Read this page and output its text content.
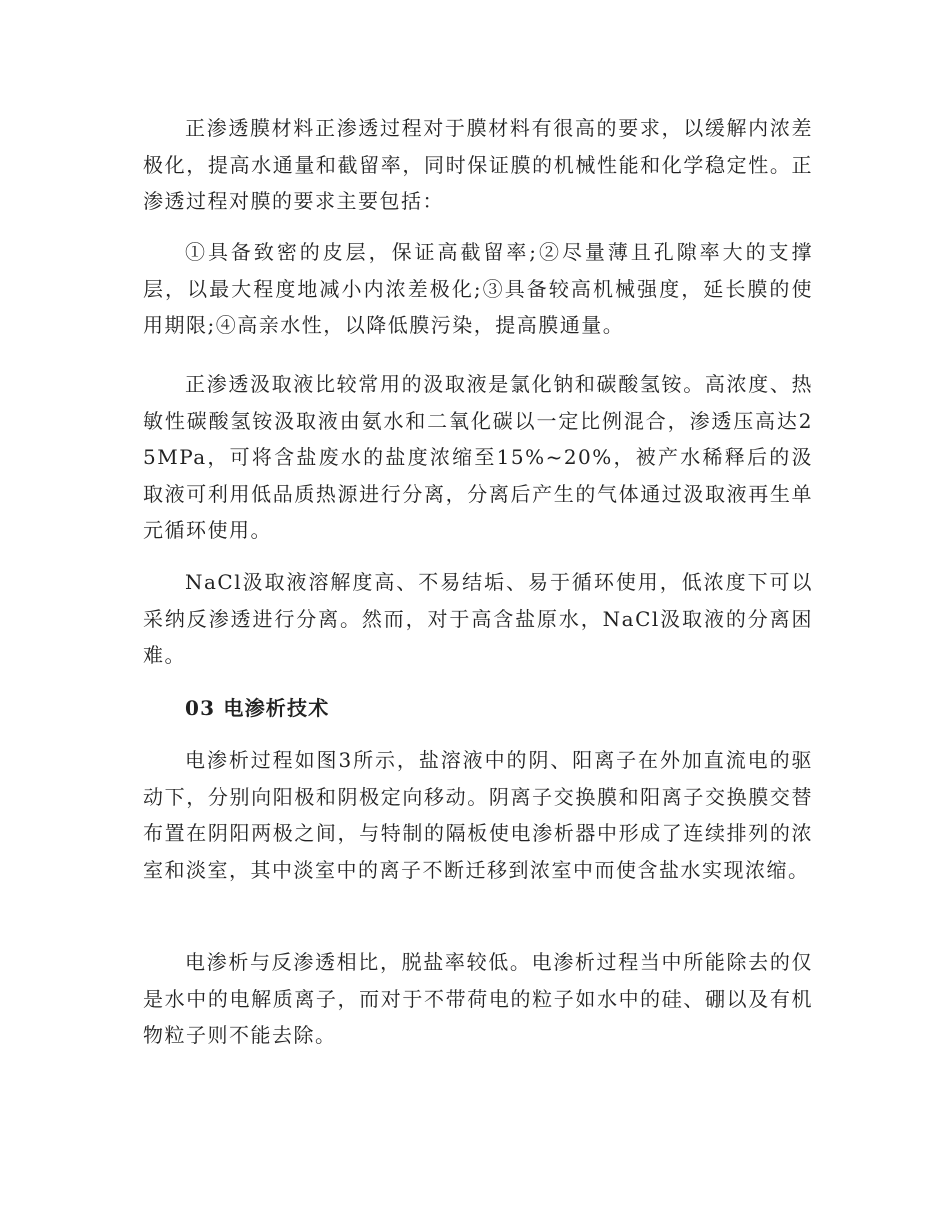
正渗透膜材料正渗透过程对于膜材料有很高的要求，以缓解内浓差极化，提高水通量和截留率，同时保证膜的机械性能和化学稳定性。正渗透过程对膜的要求主要包括：

①具备致密的皮层，保证高截留率;②尽量薄且孔隙率大的支撑层，以最大程度地减小内浓差极化;③具备较高机械强度，延长膜的使用期限;④高亲水性，以降低膜污染，提高膜通量。

正渗透汲取液比较常用的汲取液是氯化钠和碳酸氢铵。高浓度、热敏性碳酸氢铵汲取液由氨水和二氧化碳以一定比例混合，渗透压高达25MPa，可将含盐废水的盐度浓缩至15%~20%，被产水稀释后的汲取液可利用低品质热源进行分离，分离后产生的气体通过汲取液再生单元循环使用。

NaCl汲取液溶解度高、不易结垢、易于循环使用，低浓度下可以采纳反渗透进行分离。然而，对于高含盐原水，NaCl汲取液的分离困难。

03 电渗析技术

电渗析过程如图3所示，盐溶液中的阴、阳离子在外加直流电的驱动下，分别向阳极和阴极定向移动。阴离子交换膜和阳离子交换膜交替布置在阴阳两极之间，与特制的隔板使电渗析器中形成了连续排列的浓室和淡室，其中淡室中的离子不断迁移到浓室中而使含盐水实现浓缩。

电渗析与反渗透相比，脱盐率较低。电渗析过程当中所能除去的仅是水中的电解质离子，而对于不带荷电的粒子如水中的硅、硼以及有机物粒子则不能去除。
